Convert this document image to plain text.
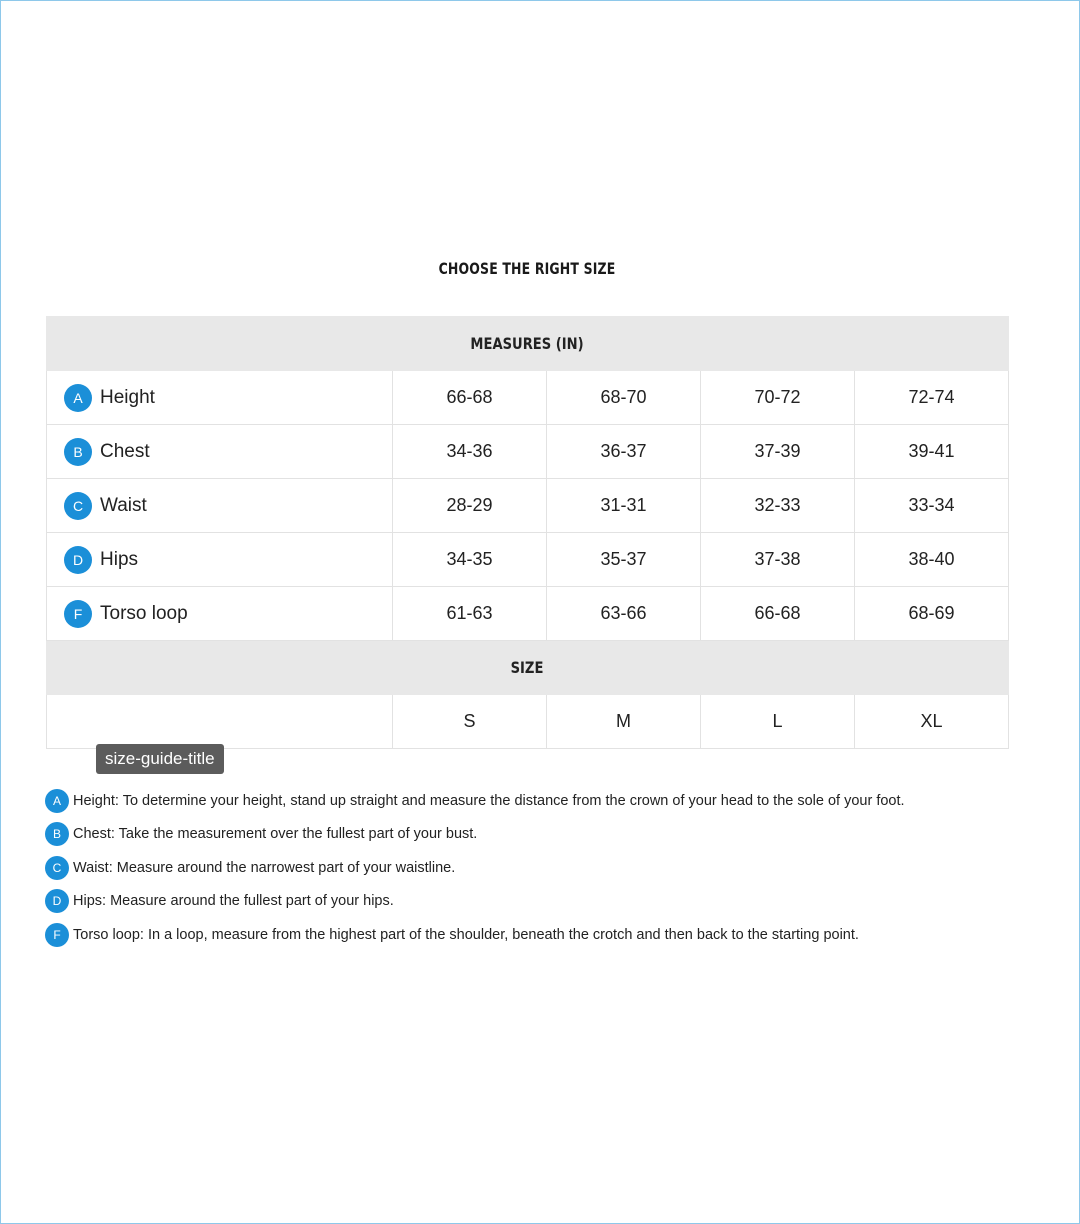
CHOOSE THE RIGHT SIZE
MEASURES (IN)				

A Height	66-68	68-70	70-72	72-74

B Chest	34-36	36-37	37-39	39-41

C Waist	28-29	31-31	32-33	33-34

D Hips	34-35	35-37	37-38	38-40

F Torso loop	61-63	63-66	66-68	68-69
SIZE				
	S	M	L	XL
size-guide-title
A Height: To determine your height, stand up straight and measure the distance from the crown of your head to the sole of your foot.
B Chest: Take the measurement over the fullest part of your bust.
C Waist: Measure around the narrowest part of your waistline.
D Hips: Measure around the fullest part of your hips.
F Torso loop: In a loop, measure from the highest part of the shoulder, beneath the crotch and then back to the starting point.
